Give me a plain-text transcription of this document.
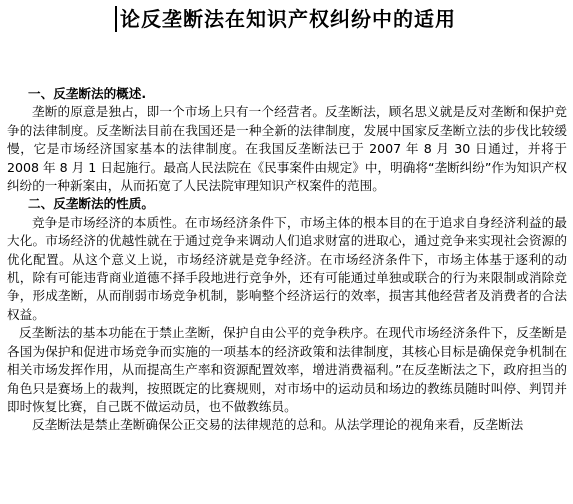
论反垄断法在知识产权纠纷中的适用

一、反垄断法的概述.

垄断的原意是独占，即一个市场上只有一个经营者。反垄断法，顾名思义就是反对垄断和保护竞争的法律制度。反垄断法目前在我国还是一种全新的法律制度，发展中国家反垄断立法的步伐比较缓慢，它是市场经济国家基本的法律制度。在我国反垄断法已于 2007 年 8 月 30 日通过，并将于 2008 年 8 月 1 日起施行。最高人民法院在《民事案件由规定》中，明确将“垄断纠纷”作为知识产权纠纷的一种新案由，从而拓宽了人民法院审理知识产权案件的范围。

二、反垄断法的性质。

竞争是市场经济的本质性。在市场经济条件下，市场主体的根本目的在于追求自身经济利益的最大化。市场经济的优越性就在于通过竞争来调动人们追求财富的进取心，通过竞争来实现社会资源的优化配置。从这个意义上说，市场经济就是竞争经济。在市场经济条件下，市场主体基于逐利的动机，除有可能违背商业道德不择手段地进行竞争外，还有可能通过单独或联合的行为来限制或消除竞争，形成垄断，从而削弱市场竞争机制，影响整个经济运行的效率，损害其他经营者及消费者的合法权益。

反垄断法的基本功能在于禁止垄断，保护自由公平的竞争秩序。在现代市场经济条件下，反垄断是各国为保护和促进市场竞争而实施的一项基本的经济政策和法律制度，其核心目标是确保竞争机制在相关市场发挥作用，从而提高生产率和资源配置效率，增进消费福利。”在反垄断法之下，政府担当的角色只是赛场上的裁判，按照既定的比赛规则，对市场中的运动员和场边的教练员随时叫停、判罚并即时恢复比赛，自己既不做运动员，也不做教练员。

反垄断法是禁止垄断确保公正交易的法律规范的总和。从法学理论的视角来看，反垄断法
